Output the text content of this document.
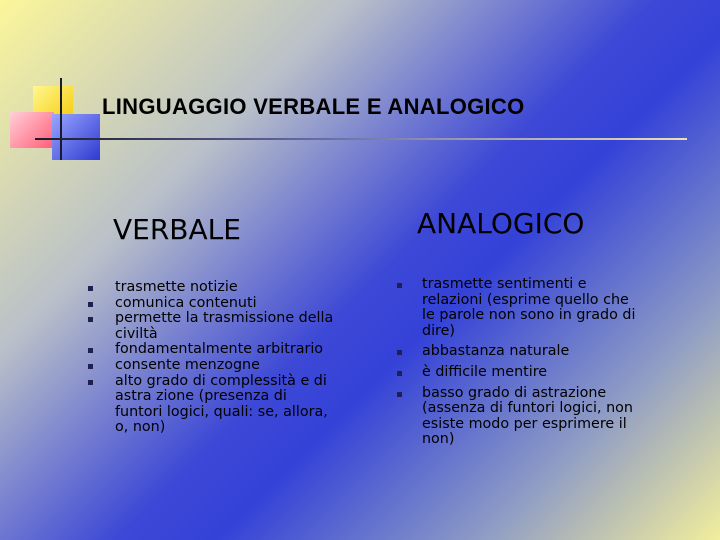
LINGUAGGIO VERBALE E ANALOGICO
VERBALE	ANALOGICO
trasmette notizie
comunica contenuti
permette la trasmissione della civiltà
fondamentalmente arbitrario
consente menzogne
alto grado di complessità e di astra zione (presenza di funtori logici, quali: se, allora, o, non)
trasmette sentimenti e relazioni (esprime quello che le parole non sono in grado di dire)
abbastanza naturale
è difficile mentire
basso grado di astrazione (assenza di funtori logici, non esiste modo per esprimere il non)
